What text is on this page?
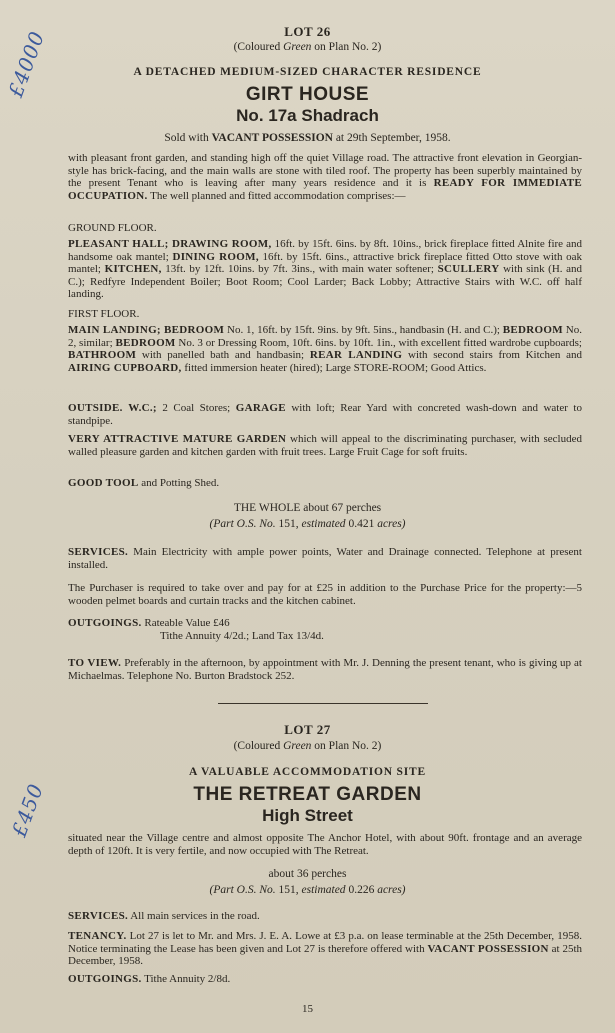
£4000
£450
LOT 26
(Coloured Green on Plan No. 2)
A DETACHED MEDIUM-SIZED CHARACTER RESIDENCE
GIRT HOUSE
No. 17a Shadrach
Sold with VACANT POSSESSION at 29th September, 1958.
with pleasant front garden, and standing high off the quiet Village road. The attractive front elevation in Georgian-style has brick-facing, and the main walls are stone with tiled roof. The property has been superbly maintained by the present Tenant who is leaving after many years residence and it is READY FOR IMMEDIATE OCCUPATION. The well planned and fitted accommodation comprises:—
GROUND FLOOR.
PLEASANT HALL; DRAWING ROOM, 16ft. by 15ft. 6ins. by 8ft. 10ins., brick fireplace fitted Alnite fire and handsome oak mantel; DINING ROOM, 16ft. by 15ft. 6ins., attractive brick fireplace fitted Otto stove with oak mantel; KITCHEN, 13ft. by 12ft. 10ins. by 7ft. 3ins., with main water softener; SCULLERY with sink (H. and C.); Redfyre Independent Boiler; Boot Room; Cool Larder; Back Lobby; Attractive Stairs with W.C. off half landing.
FIRST FLOOR.
MAIN LANDING; BEDROOM No. 1, 16ft. by 15ft. 9ins. by 9ft. 5ins., handbasin (H. and C.); BEDROOM No. 2, similar; BEDROOM No. 3 or Dressing Room, 10ft. 6ins. by 10ft. 1in., with excellent fitted wardrobe cupboards; BATHROOM with panelled bath and handbasin; REAR LANDING with second stairs from Kitchen and AIRING CUPBOARD, fitted immersion heater (hired); Large STORE-ROOM; Good Attics.
OUTSIDE. W.C.; 2 Coal Stores; GARAGE with loft; Rear Yard with concreted wash-down and water to standpipe.
VERY ATTRACTIVE MATURE GARDEN which will appeal to the discriminating purchaser, with secluded walled pleasure garden and kitchen garden with fruit trees. Large Fruit Cage for soft fruits.
GOOD TOOL and Potting Shed.
THE WHOLE about 67 perches
(Part O.S. No. 151, estimated 0.421 acres)
SERVICES. Main Electricity with ample power points, Water and Drainage connected. Telephone at present installed.
The Purchaser is required to take over and pay for at £25 in addition to the Purchase Price for the property:—5 wooden pelmet boards and curtain tracks and the kitchen cabinet.
OUTGOINGS. Rateable Value £46
Tithe Annuity 4/2d.; Land Tax 13/4d.
TO VIEW. Preferably in the afternoon, by appointment with Mr. J. Denning the present tenant, who is giving up at Michaelmas. Telephone No. Burton Bradstock 252.
LOT 27
(Coloured Green on Plan No. 2)
A VALUABLE ACCOMMODATION SITE
THE RETREAT GARDEN
High Street
situated near the Village centre and almost opposite The Anchor Hotel, with about 90ft. frontage and an average depth of 120ft. It is very fertile, and now occupied with The Retreat.
about 36 perches
(Part O.S. No. 151, estimated 0.226 acres)
SERVICES. All main services in the road.
TENANCY. Lot 27 is let to Mr. and Mrs. J. E. A. Lowe at £3 p.a. on lease terminable at the 25th December, 1958. Notice terminating the Lease has been given and Lot 27 is therefore offered with VACANT POSSESSION at 25th December, 1958.
OUTGOINGS. Tithe Annuity 2/8d.
15
